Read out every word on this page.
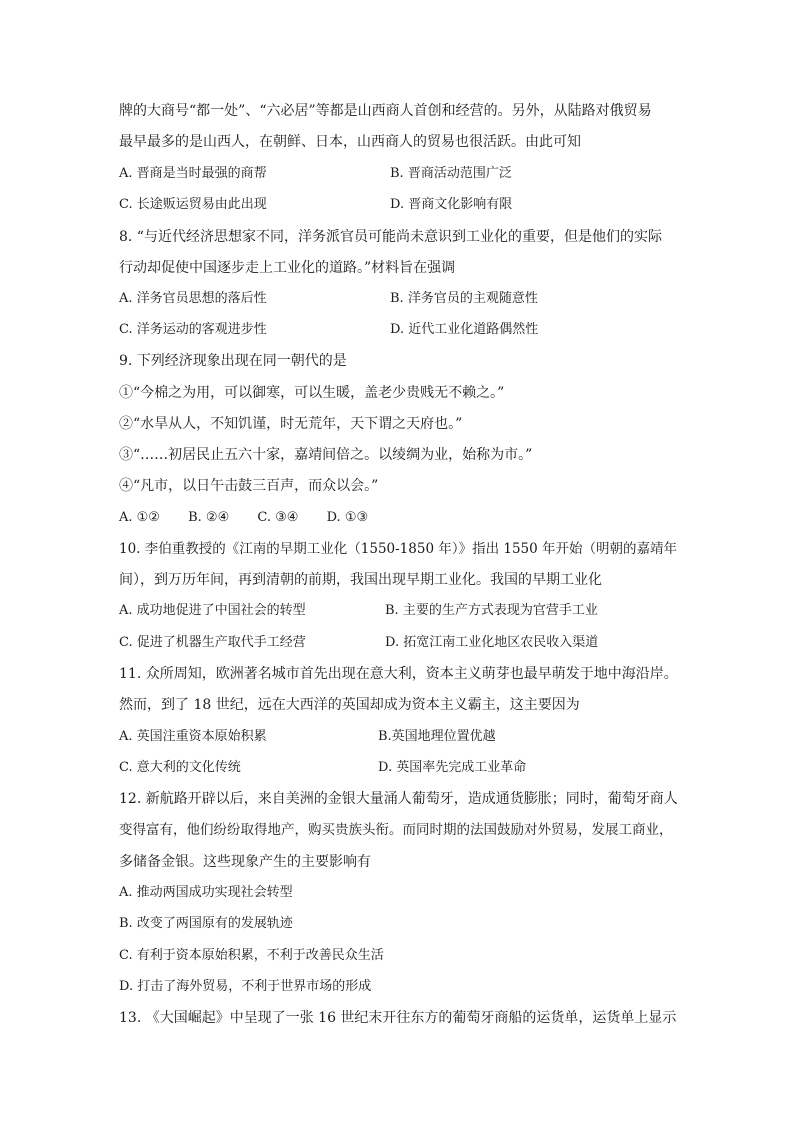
牌的大商号“都一处”、“六必居”等都是山西商人首创和经营的。另外，从陆路对俄贸易
最早最多的是山西人，在朝鲜、日本，山西商人的贸易也很活跃。由此可知
A. 晋商是当时最强的商帮	B. 晋商活动范围广泛
C. 长途贩运贸易由此出现	D. 晋商文化影响有限
8. “与近代经济思想家不同，洋务派官员可能尚未意识到工业化的重要，但是他们的实际
行动却促使中国逐步走上工业化的道路。”材料旨在强调
A. 洋务官员思想的落后性	B. 洋务官员的主观随意性
C. 洋务运动的客观进步性	D. 近代工业化道路偶然性
9. 下列经济现象出现在同一朝代的是
①“今棉之为用，可以御寒，可以生暖，盖老少贵贱无不赖之。”
②“水旱从人，不知饥谨，时无荒年，天下谓之天府也。”
③“……初居民止五六十家，嘉靖间倍之。以绫绸为业，始称为市。”
④“凡市，以日午击鼓三百声，而众以会。”
A. ①② B. ②④ C. ③④ D. ①③
10. 李伯重教授的《江南的早期工业化（1550-1850 年）》指出 1550 年开始（明朝的嘉靖年
间），到万历年间，再到清朝的前期，我国出现早期工业化。我国的早期工业化
A. 成功地促进了中国社会的转型	B. 主要的生产方式表现为官营手工业
C. 促进了机器生产取代手工经营	D. 拓宽江南工业化地区农民收入渠道
11. 众所周知，欧洲著名城市首先出现在意大利，资本主义萌芽也最早萌发于地中海沿岸。
然而，到了 18 世纪，远在大西洋的英国却成为资本主义霸主，这主要因为
A. 英国注重资本原始积累	B.英国地理位置优越
C. 意大利的文化传统	D. 英国率先完成工业革命
12. 新航路开辟以后，来自美洲的金银大量涌人葡萄牙，造成通货膨胀；同时，葡萄牙商人
变得富有，他们纷纷取得地产，购买贵族头衔。而同时期的法国鼓励对外贸易，发展工商业，
多储备金银。这些现象产生的主要影响有
A. 推动两国成功实现社会转型
B. 改变了两国原有的发展轨迹
C. 有利于资本原始积累，不利于改善民众生活
D. 打击了海外贸易，不利于世界市场的形成
13. 《大国崛起》中呈现了一张 16 世纪末开往东方的葡萄牙商船的运货单，运货单上显示
